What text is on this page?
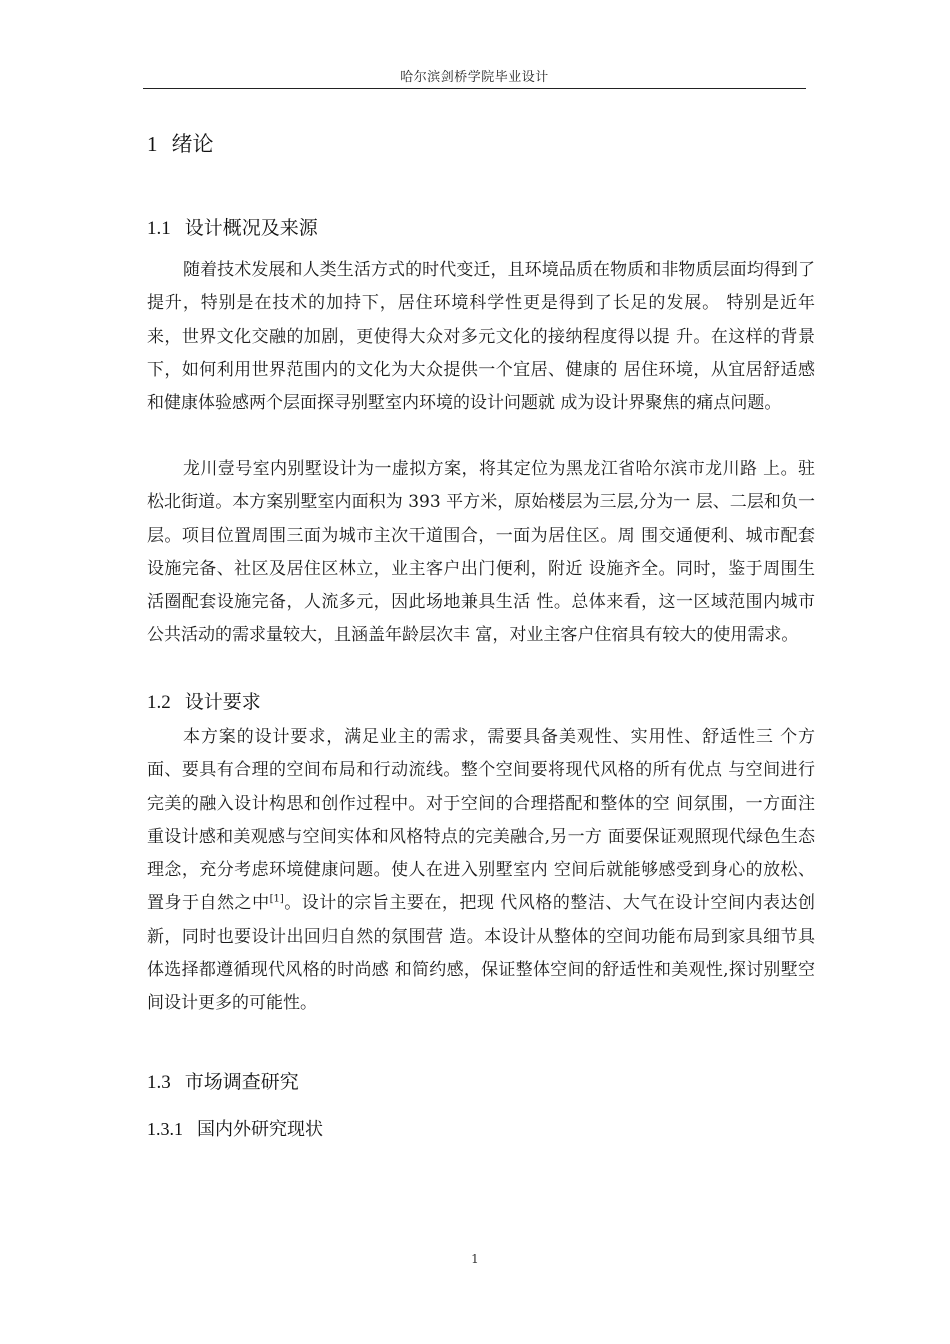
哈尔滨剑桥学院毕业设计
1 绪论
1.1 设计概况及来源

随着技术发展和人类生活方式的时代变迁，且环境品质在物质和非物质层面均得到了提升，特别是在技术的加持下，居住环境科学性更是得到了长足的发展。 特别是近年来，世界文化交融的加剧，更使得大众对多元文化的接纳程度得以提 升。在这样的背景下，如何利用世界范围内的文化为大众提供一个宜居、健康的 居住环境，从宜居舒适感和健康体验感两个层面探寻别墅室内环境的设计问题就 成为设计界聚焦的痛点问题。

龙川壹号室内别墅设计为一虚拟方案，将其定位为黑龙江省哈尔滨市龙川路 上。驻松北街道。本方案别墅室内面积为 393 平方米，原始楼层为三层,分为一 层、二层和负一层。项目位置周围三面为城市主次干道围合，一面为居住区。周 围交通便利、城市配套设施完备、社区及居住区林立，业主客户出门便利，附近 设施齐全。同时，鉴于周围生活圈配套设施完备，人流多元，因此场地兼具生活 性。总体来看，这一区域范围内城市公共活动的需求量较大，且涵盖年龄层次丰 富，对业主客户住宿具有较大的使用需求。

1.2 设计要求

本方案的设计要求，满足业主的需求，需要具备美观性、实用性、舒适性三 个方面、要具有合理的空间布局和行动流线。整个空间要将现代风格的所有优点 与空间进行完美的融入设计构思和创作过程中。对于空间的合理搭配和整体的空 间氛围，一方面注重设计感和美观感与空间实体和风格特点的完美融合,另一方 面要保证观照现代绿色生态理念，充分考虑环境健康问题。使人在进入别墅室内 空间后就能够感受到身心的放松、置身于自然之中[1]。设计的宗旨主要在，把现 代风格的整洁、大气在设计空间内表达创新，同时也要设计出回归自然的氛围营 造。本设计从整体的空间功能布局到家具细节具体选择都遵循现代风格的时尚感 和简约感，保证整体空间的舒适性和美观性,探讨别墅空间设计更多的可能性。

1.3 市场调查研究
1.3.1 国内外研究现状
1
